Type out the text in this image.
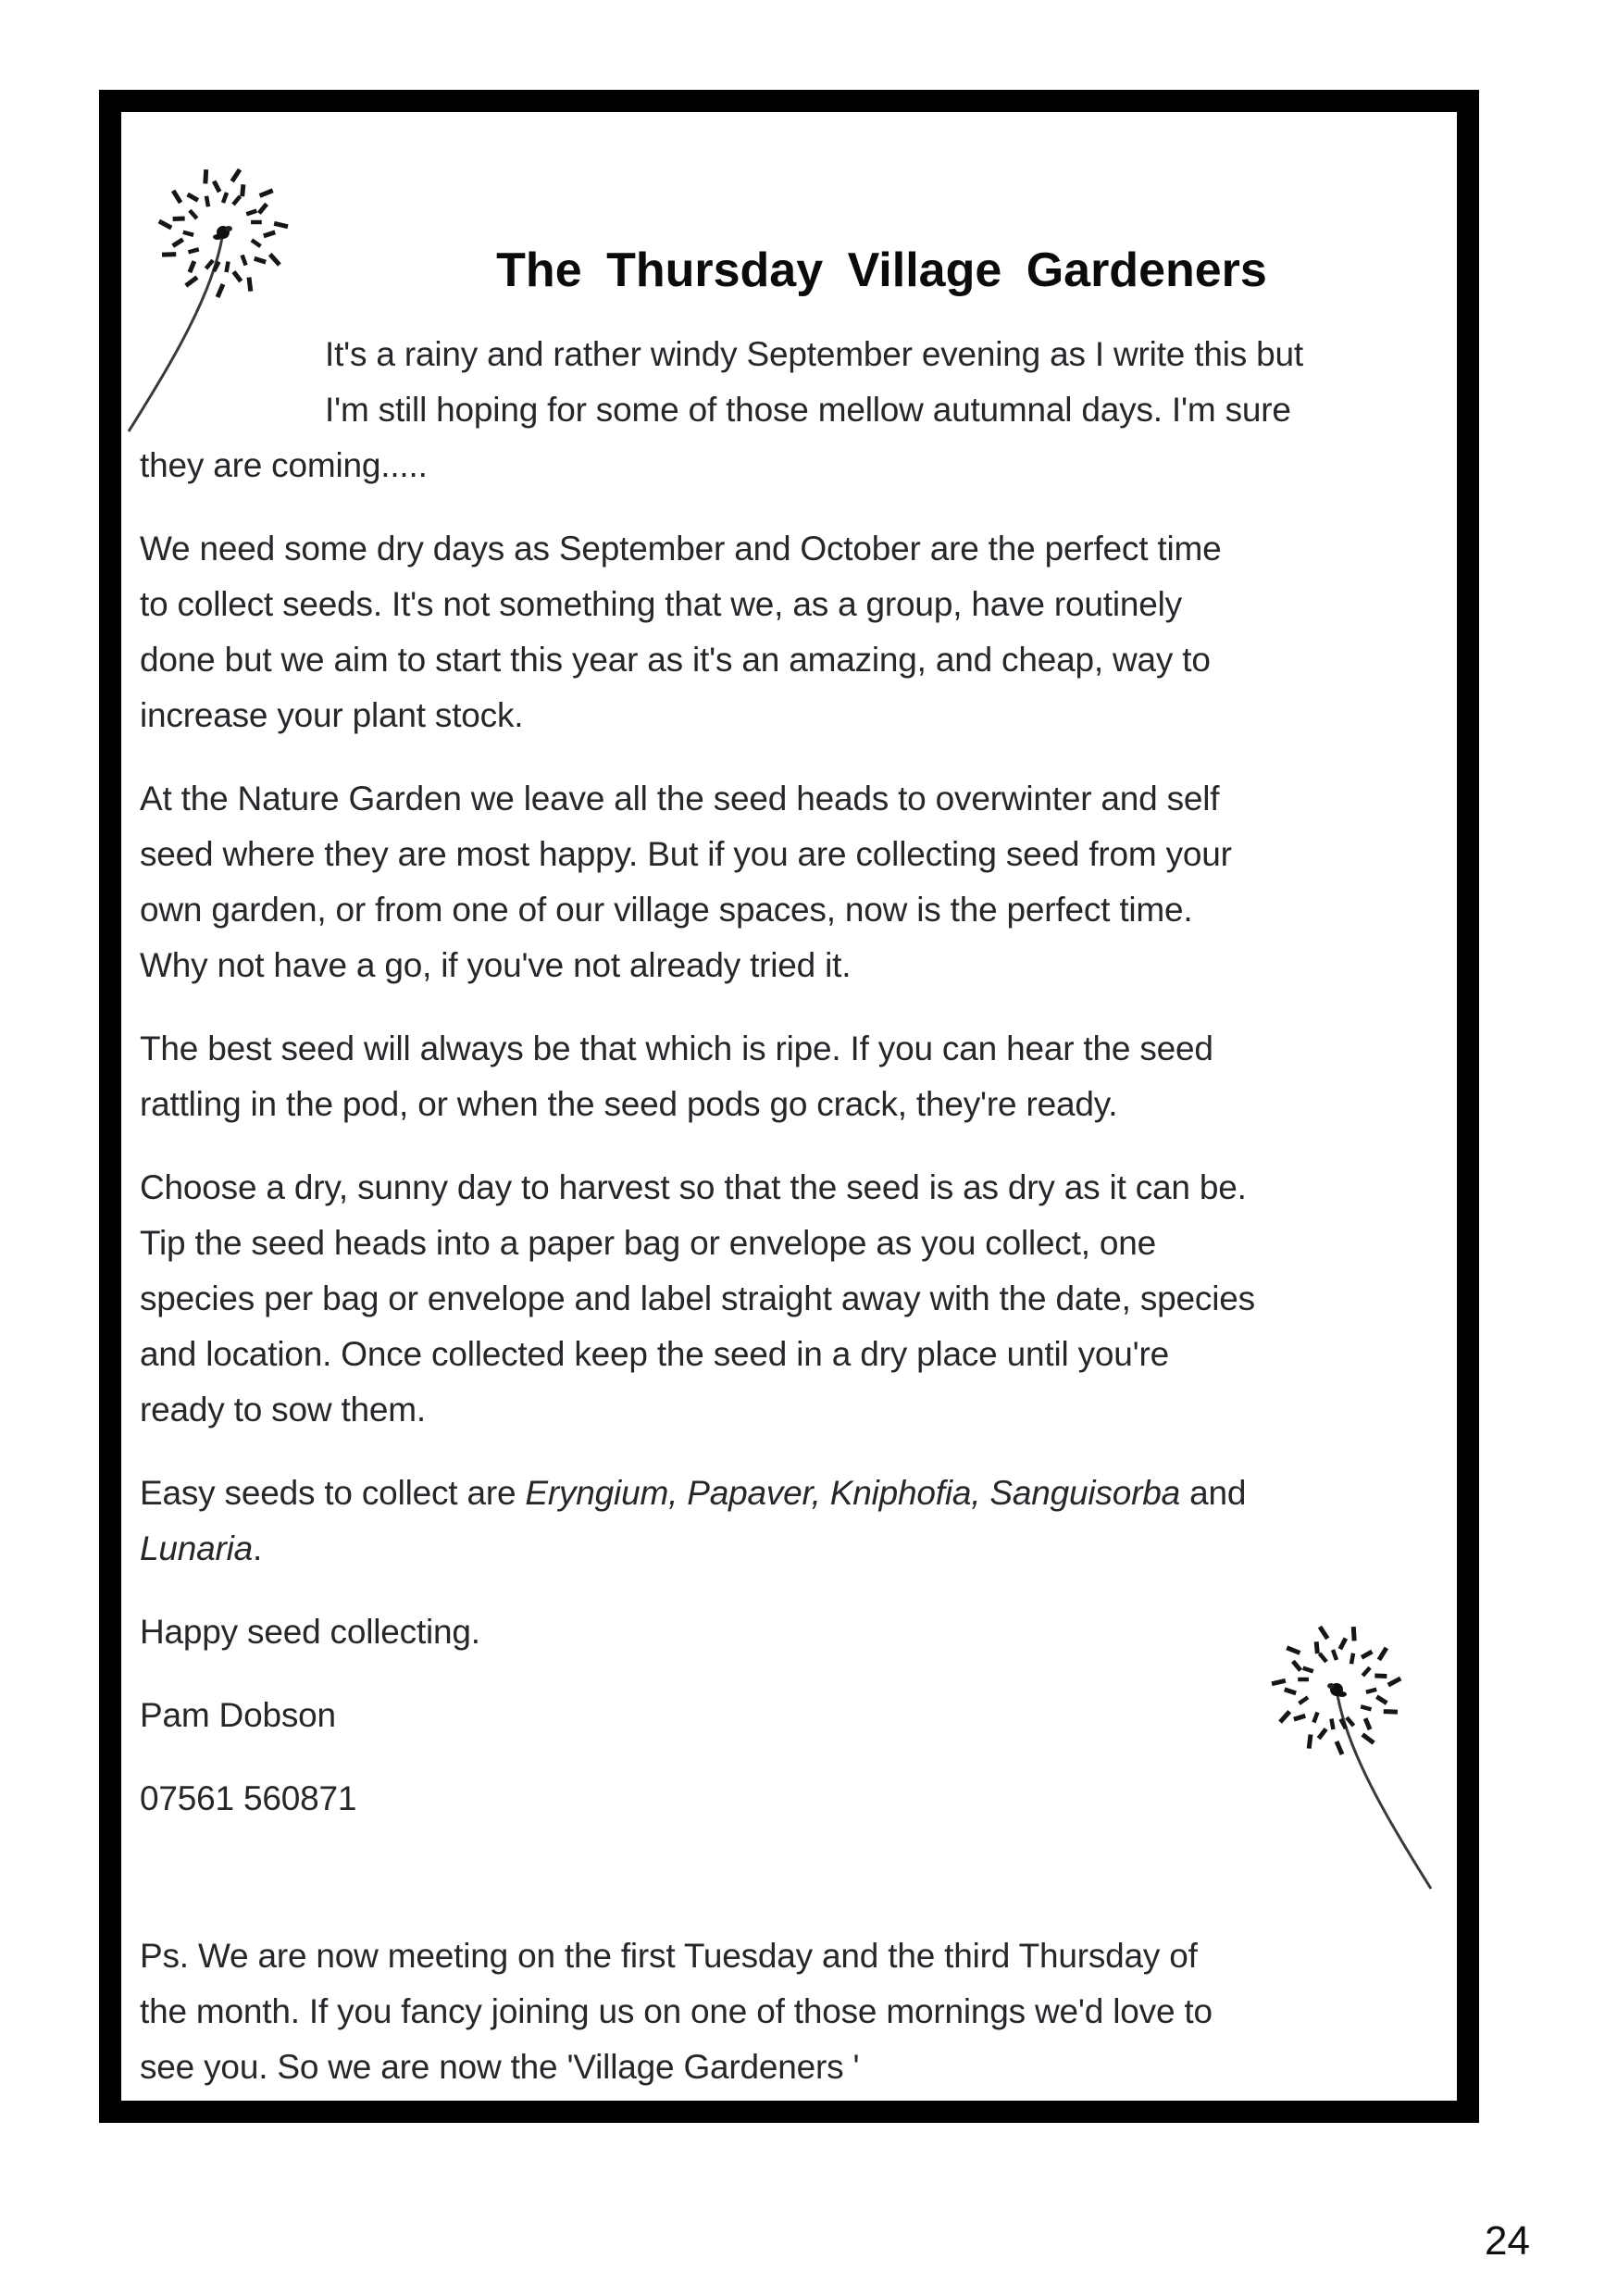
The Thursday Village Gardeners

It's a rainy and rather windy September evening as I write this but
I'm still hoping for some of those mellow autumnal days. I'm sure
they are coming.....

We need some dry days as September and October are the perfect time
to collect seeds. It's not something that we, as a group, have routinely
done but we aim to start this year as it's an amazing, and cheap, way to
increase your plant stock.

At the Nature Garden we leave all the seed heads to overwinter and self
seed where they are most happy. But if you are collecting seed from your
own garden, or from one of our village spaces, now is the perfect time.
Why not have a go, if you've not already tried it.

The best seed will always be that which is ripe. If you can hear the seed
rattling in the pod, or when the seed pods go crack, they're ready.

Choose a dry, sunny day to harvest so that the seed is as dry as it can be.
Tip the seed heads into a paper bag or envelope as you collect, one
species per bag or envelope and label straight away with the date, species
and location. Once collected keep the seed in a dry place until you're
ready to sow them.

Easy seeds to collect are Eryngium, Papaver, Kniphofia, Sanguisorba and
Lunaria.

Happy seed collecting.

Pam Dobson

07561 560871

Ps. We are now meeting on the first Tuesday and the third Thursday of
the month. If you fancy joining us on one of those mornings we'd love to
see you. So we are now the 'Village Gardeners '

24
